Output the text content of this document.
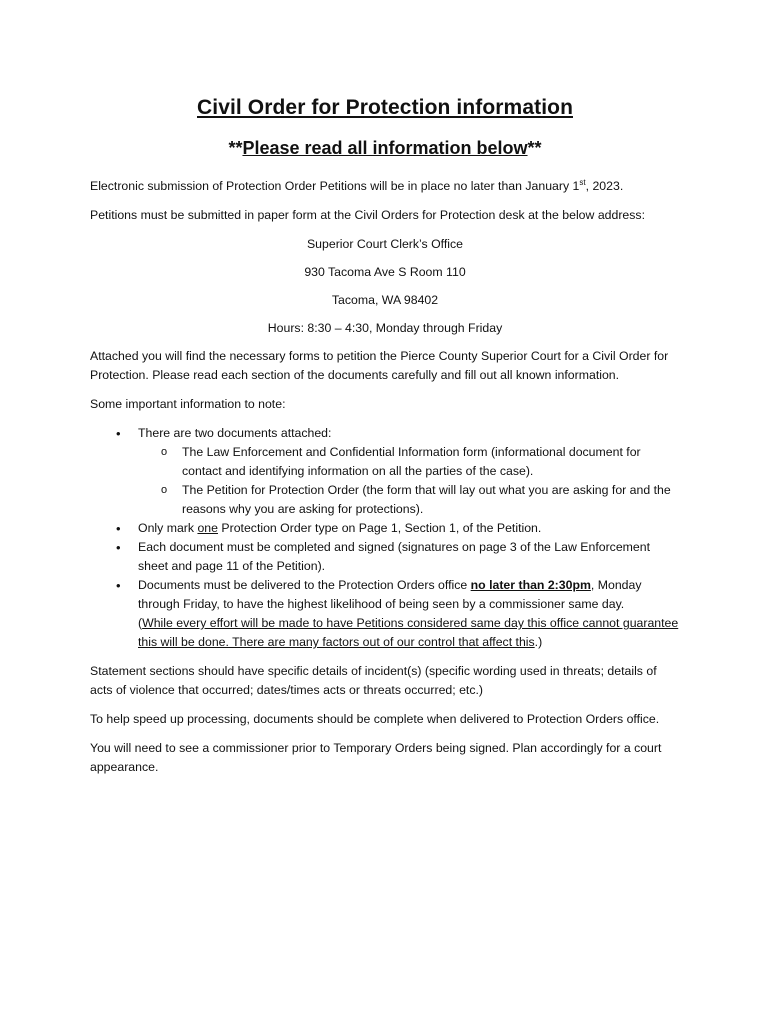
Civil Order for Protection information
**Please read all information below**

Electronic submission of Protection Order Petitions will be in place no later than January 1st, 2023.

Petitions must be submitted in paper form at the Civil Orders for Protection desk at the below address:

Superior Court Clerk’s Office
930 Tacoma Ave S Room 110
Tacoma, WA 98402
Hours: 8:30 – 4:30, Monday through Friday

Attached you will find the necessary forms to petition the Pierce County Superior Court for a Civil Order for Protection. Please read each section of the documents carefully and fill out all known information.

Some important information to note:

• There are two documents attached:
o The Law Enforcement and Confidential Information form (informational document for contact and identifying information on all the parties of the case).
o The Petition for Protection Order (the form that will lay out what you are asking for and the reasons why you are asking for protections).
• Only mark one Protection Order type on Page 1, Section 1, of the Petition.
• Each document must be completed and signed (signatures on page 3 of the Law Enforcement sheet and page 11 of the Petition).
• Documents must be delivered to the Protection Orders office no later than 2:30pm, Monday through Friday, to have the highest likelihood of being seen by a commissioner same day.
(While every effort will be made to have Petitions considered same day this office cannot guarantee this will be done. There are many factors out of our control that affect this.)

Statement sections should have specific details of incident(s) (specific wording used in threats; details of acts of violence that occurred; dates/times acts or threats occurred; etc.)

To help speed up processing, documents should be complete when delivered to Protection Orders office.

You will need to see a commissioner prior to Temporary Orders being signed. Plan accordingly for a court appearance.
